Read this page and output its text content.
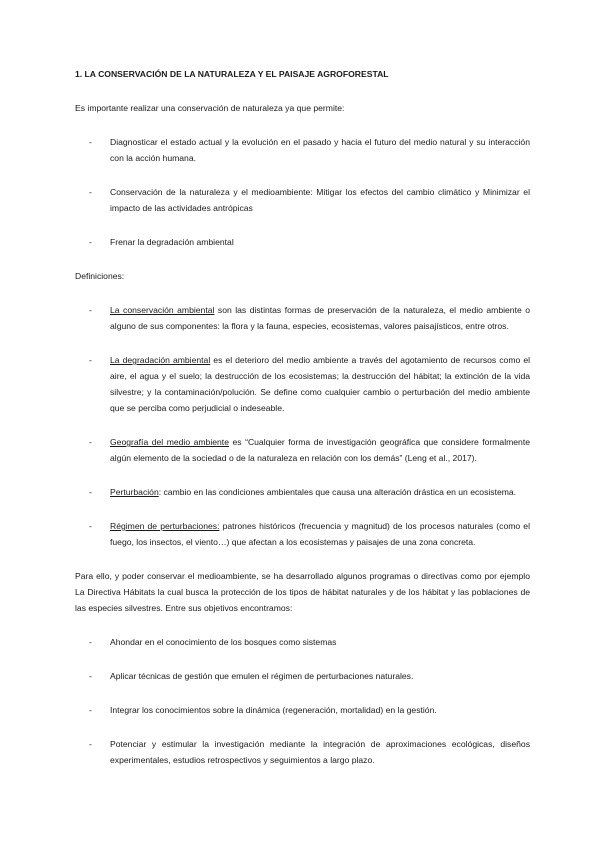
1. LA CONSERVACIÓN DE LA NATURALEZA Y EL PAISAJE AGROFORESTAL

Es importante realizar una conservación de naturaleza ya que permite:

- Diagnosticar el estado actual y la evolución en el pasado y hacia el futuro del medio natural y su interacción con la acción humana.
- Conservación de la naturaleza y el medioambiente: Mitigar los efectos del cambio climático y Minimizar el impacto de las actividades antrópicas
- Frenar la degradación ambiental

Definiciones:

- La conservación ambiental son las distintas formas de preservación de la naturaleza, el medio ambiente o alguno de sus componentes: la flora y la fauna, especies, ecosistemas, valores paisajísticos, entre otros.
- La degradación ambiental es el deterioro del medio ambiente a través del agotamiento de recursos como el aire, el agua y el suelo; la destrucción de los ecosistemas; la destrucción del hábitat; la extinción de la vida silvestre; y la contaminación/polución. Se define como cualquier cambio o perturbación del medio ambiente que se perciba como perjudicial o indeseable.
- Geografía del medio ambiente es “Cualquier forma de investigación geográfica que considere formalmente algún elemento de la sociedad o de la naturaleza en relación con los demás” (Leng et al., 2017).
- Perturbación: cambio en las condiciones ambientales que causa una alteración drástica en un ecosistema.
- Régimen de perturbaciones: patrones históricos (frecuencia y magnitud) de los procesos naturales (como el fuego, los insectos, el viento…) que afectan a los ecosistemas y paisajes de una zona concreta.

Para ello, y poder conservar el medioambiente, se ha desarrollado algunos programas o directivas como por ejemplo La Directiva Hábitats la cual busca la protección de los tipos de hábitat naturales y de los hábitat y las poblaciones de las especies silvestres. Entre sus objetivos encontramos:

- Ahondar en el conocimiento de los bosques como sistemas
- Aplicar técnicas de gestión que emulen el régimen de perturbaciones naturales.
- Integrar los conocimientos sobre la dinámica (regeneración, mortalidad) en la gestión.
- Potenciar y estimular la investigación mediante la integración de aproximaciones ecológicas, diseños experimentales, estudios retrospectivos y seguimientos a largo plazo.
